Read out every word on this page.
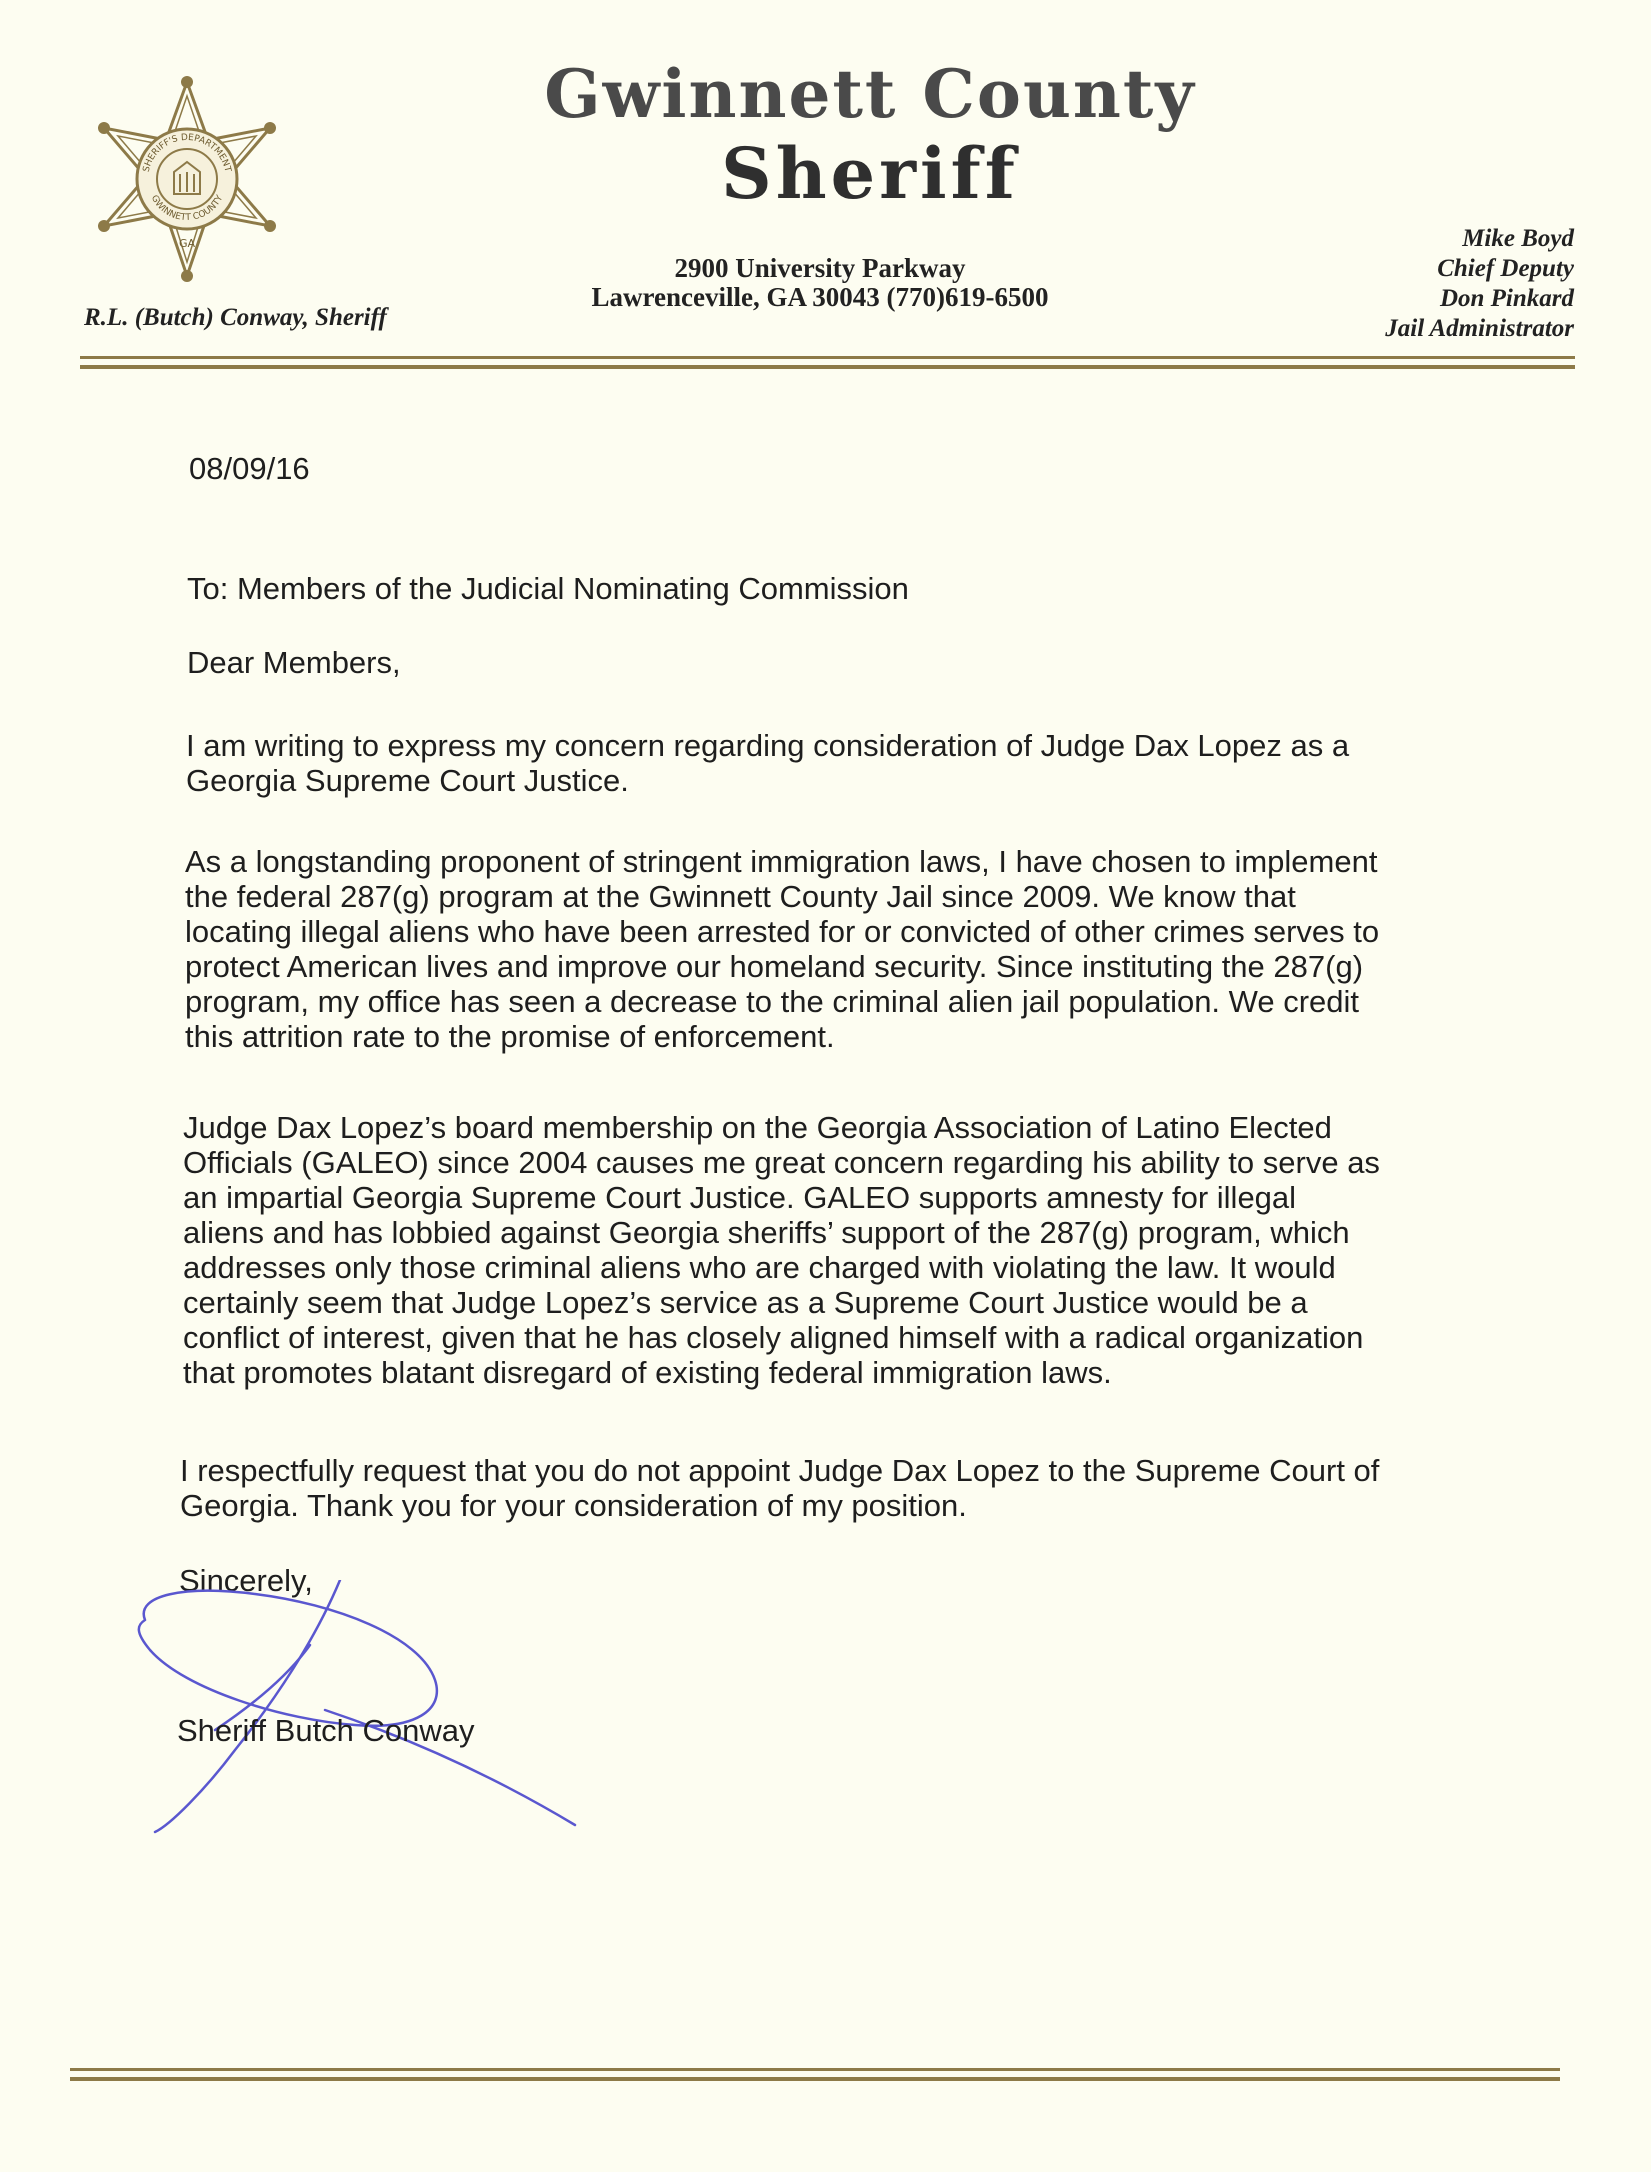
SHERIFF'S DEPARTMENT
GWINNETT COUNTY
GA
Gwinnett County
Sheriff
2900 University Parkway
Lawrenceville, GA 30043 (770)619-6500
R.L. (Butch) Conway, Sheriff
Mike Boyd
Chief Deputy
Don Pinkard
Jail Administrator
08/09/16
To: Members of the Judicial Nominating Commission
Dear Members,
I am writing to express my concern regarding consideration of Judge Dax Lopez as a
Georgia Supreme Court Justice.
As a longstanding proponent of stringent immigration laws, I have chosen to implement
the federal 287(g) program at the Gwinnett County Jail since 2009. We know that
locating illegal aliens who have been arrested for or convicted of other crimes serves to
protect American lives and improve our homeland security. Since instituting the 287(g)
program, my office has seen a decrease to the criminal alien jail population. We credit
this attrition rate to the promise of enforcement.
Judge Dax Lopez’s board membership on the Georgia Association of Latino Elected
Officials (GALEO) since 2004 causes me great concern regarding his ability to serve as
an impartial Georgia Supreme Court Justice. GALEO supports amnesty for illegal
aliens and has lobbied against Georgia sheriffs’ support of the 287(g) program, which
addresses only those criminal aliens who are charged with violating the law. It would
certainly seem that Judge Lopez’s service as a Supreme Court Justice would be a
conflict of interest, given that he has closely aligned himself with a radical organization
that promotes blatant disregard of existing federal immigration laws.
I respectfully request that you do not appoint Judge Dax Lopez to the Supreme Court of
Georgia. Thank you for your consideration of my position.
Sincerely,
Sheriff Butch Conway
